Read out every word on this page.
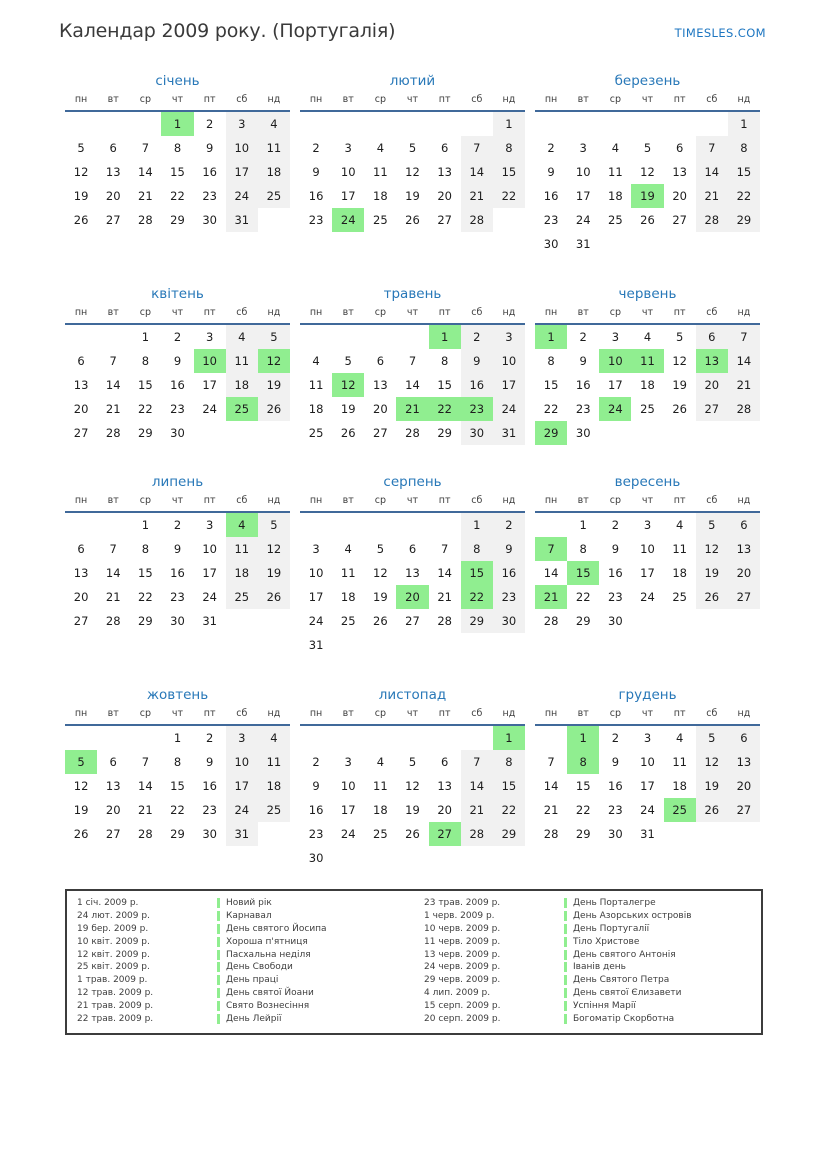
Календар 2009 року. (Португалія)	TIMESLES.COM
січень
пн	вт	ср	чт	пт	сб	нд
			1	2	3	4
5	6	7	8	9	10	11
12	13	14	15	16	17	18
19	20	21	22	23	24	25
26	27	28	29	30	31	
лютий
пн	вт	ср	чт	пт	сб	нд
						1
2	3	4	5	6	7	8
9	10	11	12	13	14	15
16	17	18	19	20	21	22
23	24	25	26	27	28	
березень
пн	вт	ср	чт	пт	сб	нд
						1
2	3	4	5	6	7	8
9	10	11	12	13	14	15
16	17	18	19	20	21	22
23	24	25	26	27	28	29
30	31					
квітень
пн	вт	ср	чт	пт	сб	нд
		1	2	3	4	5
6	7	8	9	10	11	12
13	14	15	16	17	18	19
20	21	22	23	24	25	26
27	28	29	30			
травень
пн	вт	ср	чт	пт	сб	нд
				1	2	3
4	5	6	7	8	9	10
11	12	13	14	15	16	17
18	19	20	21	22	23	24
25	26	27	28	29	30	31
червень
пн	вт	ср	чт	пт	сб	нд
1	2	3	4	5	6	7
8	9	10	11	12	13	14
15	16	17	18	19	20	21
22	23	24	25	26	27	28
29	30					
липень
пн	вт	ср	чт	пт	сб	нд
		1	2	3	4	5
6	7	8	9	10	11	12
13	14	15	16	17	18	19
20	21	22	23	24	25	26
27	28	29	30	31		
серпень
пн	вт	ср	чт	пт	сб	нд
					1	2
3	4	5	6	7	8	9
10	11	12	13	14	15	16
17	18	19	20	21	22	23
24	25	26	27	28	29	30
31						
вересень
пн	вт	ср	чт	пт	сб	нд
	1	2	3	4	5	6
7	8	9	10	11	12	13
14	15	16	17	18	19	20
21	22	23	24	25	26	27
28	29	30				
жовтень
пн	вт	ср	чт	пт	сб	нд
			1	2	3	4
5	6	7	8	9	10	11
12	13	14	15	16	17	18
19	20	21	22	23	24	25
26	27	28	29	30	31	
листопад
пн	вт	ср	чт	пт	сб	нд
						1
2	3	4	5	6	7	8
9	10	11	12	13	14	15
16	17	18	19	20	21	22
23	24	25	26	27	28	29
30						
грудень
пн	вт	ср	чт	пт	сб	нд
	1	2	3	4	5	6
7	8	9	10	11	12	13
14	15	16	17	18	19	20
21	22	23	24	25	26	27
28	29	30	31			
1 січ. 2009 р.	Новий рік
24 лют. 2009 р.	Карнавал
19 бер. 2009 р.	День святого Йосипа
10 квіт. 2009 р.	Хороша п'ятниця
12 квіт. 2009 р.	Пасхальна неділя
25 квіт. 2009 р.	День Свободи
1 трав. 2009 р.	День праці
12 трав. 2009 р.	День святої Йоани
21 трав. 2009 р.	Свято Вознесіння
22 трав. 2009 р.	День Лейрії
23 трав. 2009 р.	День Порталегре
1 черв. 2009 р.	День Азорських островів
10 черв. 2009 р.	День Португалії
11 черв. 2009 р.	Тіло Христове
13 черв. 2009 р.	День святого Антонія
24 черв. 2009 р.	Іванів день
29 черв. 2009 р.	День Святого Петра
4 лип. 2009 р.	День святої Єлизавети
15 серп. 2009 р.	Успіння Марії
20 серп. 2009 р.	Богоматір Скорботна
